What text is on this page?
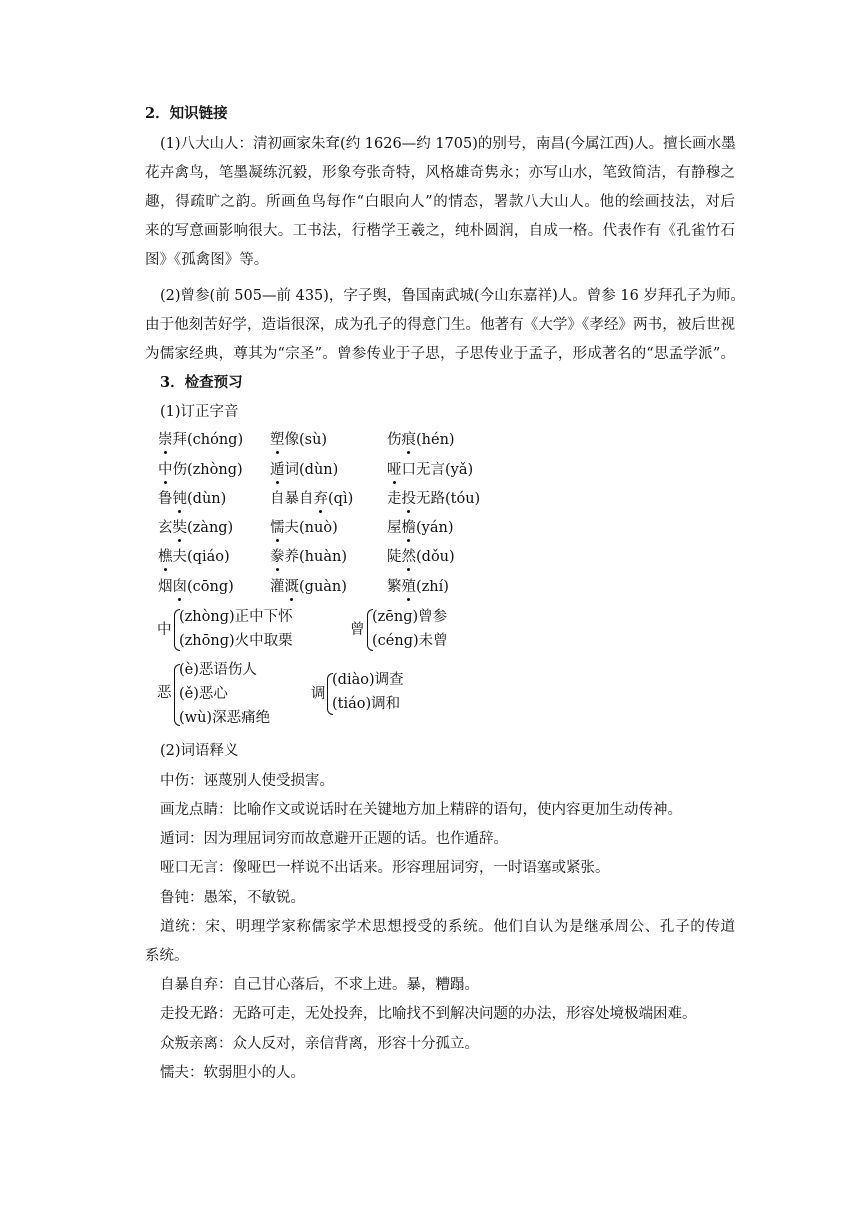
2．知识链接
(1)八大山人：清初画家朱耷(约 1626—约 1705)的别号，南昌(今属江西)人。擅长画水墨
花卉禽鸟，笔墨凝练沉毅，形象夸张奇特，风格雄奇隽永；亦写山水，笔致简洁，有静穆之
趣，得疏旷之韵。所画鱼鸟每作“白眼向人”的情态，署款八大山人。他的绘画技法，对后
来的写意画影响很大。工书法，行楷学王羲之，纯朴圆润，自成一格。代表作有《孔雀竹石
图》《孤禽图》等。
(2)曾参(前 505—前 435)，字子舆，鲁国南武城(今山东嘉祥)人。曾参 16 岁拜孔子为师。
由于他刻苦好学，造诣很深，成为孔子的得意门生。他著有《大学》《孝经》两书，被后世视
为儒家经典，尊其为“宗圣”。曾参传业于子思，子思传业于孟子，形成著名的“思孟学派”。
3．检查预习
(1)订正字音
崇拜(chóng) 塑像(sù)	伤痕(hén)
中伤(zhòng) 遁词(dùn)	哑口无言(yǎ)
鲁钝(dùn)	自暴自弃(qì) 走投无路(tóu)
玄奘(zàng)	懦夫(nuò)	屋檐(yán)
樵夫(qiáo)	豢养(huàn)	陡然(dǒu)
烟囱(cōng) 灌溉(guàn)	繁殖(zhí)
中
(zhònɡ)正中下怀
(zhōnɡ)火中取栗
曾
(zēnɡ)曾参
(cénɡ)未曾
恶
(è)恶语伤人
(ě)恶心
(wù)深恶痛绝
调
(diào)调查
(tiáo)调和
(2)词语释义
中伤：诬蔑别人使受损害。
画龙点睛：比喻作文或说话时在关键地方加上精辟的语句，使内容更加生动传神。
遁词：因为理屈词穷而故意避开正题的话。也作遁辞。
哑口无言：像哑巴一样说不出话来。形容理屈词穷，一时语塞或紧张。
鲁钝：愚笨，不敏锐。
道统：宋、明理学家称儒家学术思想授受的系统。他们自认为是继承周公、孔子的传道
系统。
自暴自弃：自己甘心落后，不求上进。暴，糟蹋。
走投无路：无路可走，无处投奔，比喻找不到解决问题的办法，形容处境极端困难。
众叛亲离：众人反对，亲信背离，形容十分孤立。
懦夫：软弱胆小的人。
